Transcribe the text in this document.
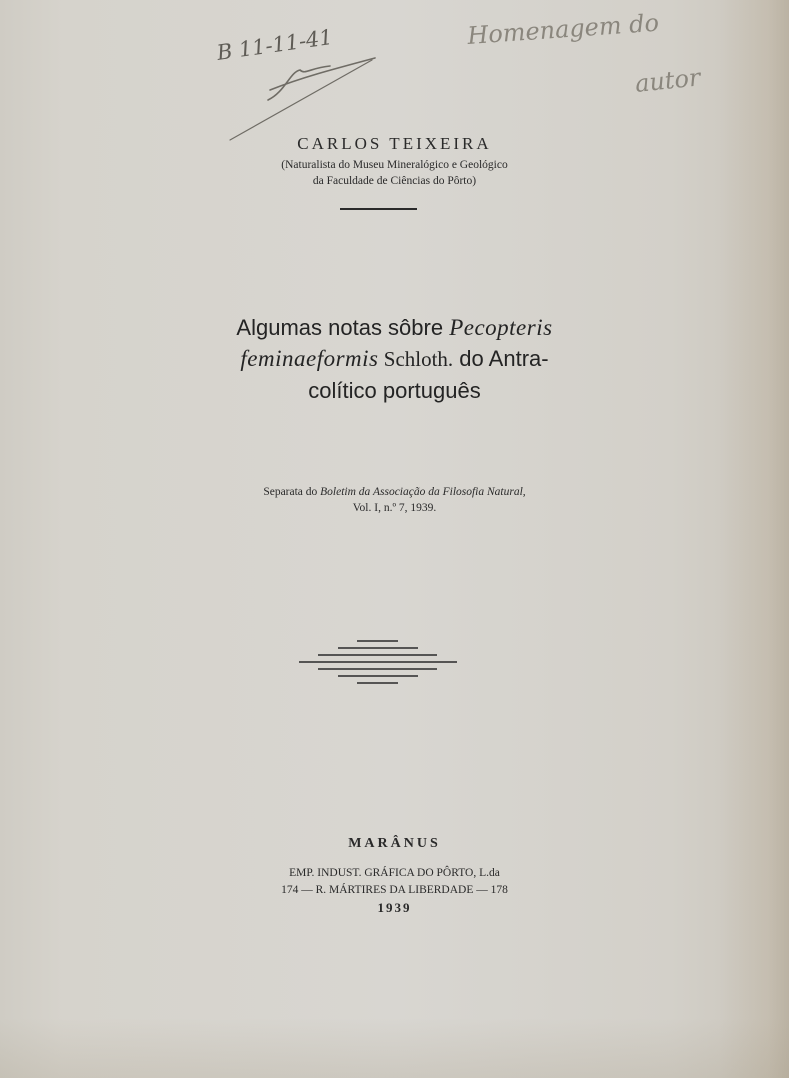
B 11-11-41	Homenagem do
autor
CARLOS TEIXEIRA
(Naturalista do Museu Mineralógico e Geológico
da Faculdade de Ciências do Pôrto)
Algumas notas sôbre Pecopteris
feminaeformis Schloth. do Antra-
colítico português
Separata do Boletim da Associação da Filosofia Natural,
Vol. I, n.º 7, 1939.
MARÂNUS
EMP. INDUST. GRÁFICA DO PÔRTO, L.da
174 — R. MÁRTIRES DA LIBERDADE — 178
1939
